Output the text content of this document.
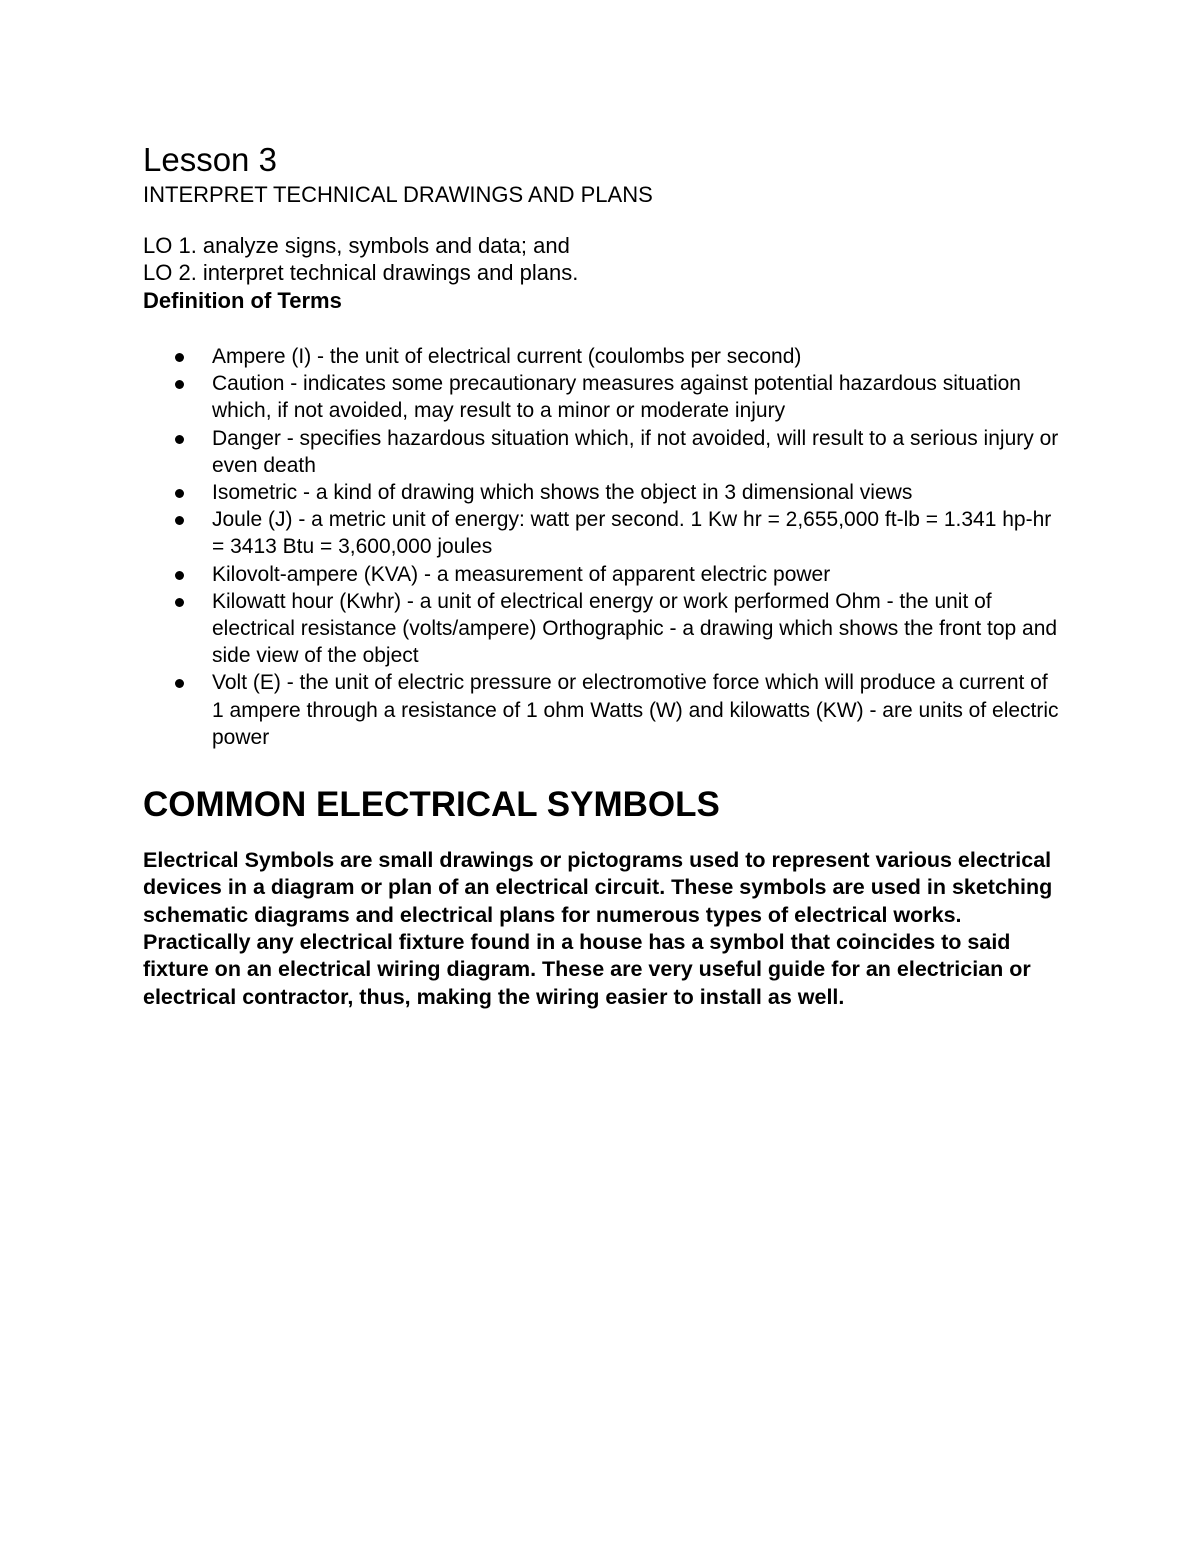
Lesson 3
INTERPRET TECHNICAL DRAWINGS AND PLANS

LO 1. analyze signs, symbols and data; and

LO 2. interpret technical drawings and plans.

Definition of Terms
Ampere (I) - the unit of electrical current (coulombs per second)
Caution - indicates some precautionary measures against potential hazardous situation which, if not avoided, may result to a minor or moderate injury
Danger - specifies hazardous situation which, if not avoided, will result to a serious injury or even death
Isometric - a kind of drawing which shows the object in 3 dimensional views
Joule (J) - a metric unit of energy: watt per second. 1 Kw hr = 2,655,000 ft-lb = 1.341 hp-hr = 3413 Btu = 3,600,000 joules
Kilovolt-ampere (KVA) - a measurement of apparent electric power
Kilowatt hour (Kwhr) - a unit of electrical energy or work performed Ohm - the unit of electrical resistance (volts/ampere) Orthographic - a drawing which shows the front top and side view of the object
Volt (E) - the unit of electric pressure or electromotive force which will produce a current of 1 ampere through a resistance of 1 ohm Watts (W) and kilowatts (KW) - are units of electric power
COMMON ELECTRICAL SYMBOLS

Electrical Symbols are small drawings or pictograms used to represent various electrical devices in a diagram or plan of an electrical circuit. These symbols are used in sketching schematic diagrams and electrical plans for numerous types of electrical works. Practically any electrical fixture found in a house has a symbol that coincides to said fixture on an electrical wiring diagram. These are very useful guide for an electrician or electrical contractor, thus, making the wiring easier to install as well.
